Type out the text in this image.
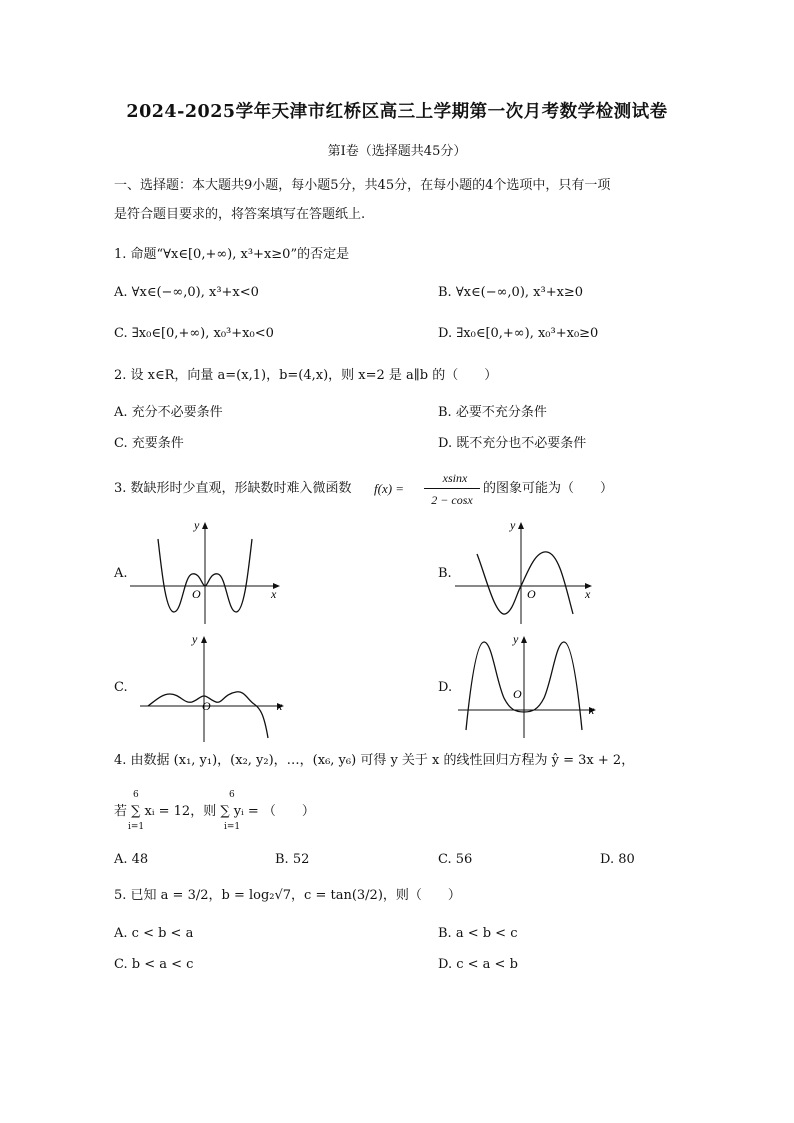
2024-2025学年天津市红桥区高三上学期第一次月考数学检测试卷
第Ⅰ卷（选择题共45分）
一、选择题：本大题共9小题，每小题5分，共45分，在每小题的4个选项中，只有一项
是符合题目要求的，将答案填写在答题纸上.
1. 命题“∀x∈[0,+∞), x³+x≥0”的否定是
A. ∀x∈(−∞,0), x³+x<0	B. ∀x∈(−∞,0), x³+x≥0
C. ∃x₀∈[0,+∞), x₀³+x₀<0	D. ∃x₀∈[0,+∞), x₀³+x₀≥0
2. 设 x∈R，向量 a=(x,1)，b=(4,x)，则 x=2 是 a∥b 的（　　）
A. 充分不必要条件	B. 必要不充分条件
C. 充要条件	D. 既不充分也不必要条件
3. 数缺形时少直观，形缺数时难入微函数 f(x) =
xsinx
2 − cosx
的图象可能为（　　）
A.	B.
C.	D.
x
y
O	x
y
O
x
y
O	x
y
O
4. 由数据 (x₁, y₁)，(x₂, y₂)，…，(x₆, y₆) 可得 y 关于 x 的线性回归方程为 ŷ = 3x + 2，
若 ∑ xᵢ = 12，则 ∑ yᵢ = （　　）
6
i=1
6
i=1
A. 48	B. 52	C. 56	D. 80
5. 已知 a = 3/2，b = log₂√7，c = tan(3/2)，则（　　）
A. c < b < a	B. a < b < c
C. b < a < c	D. c < a < b
